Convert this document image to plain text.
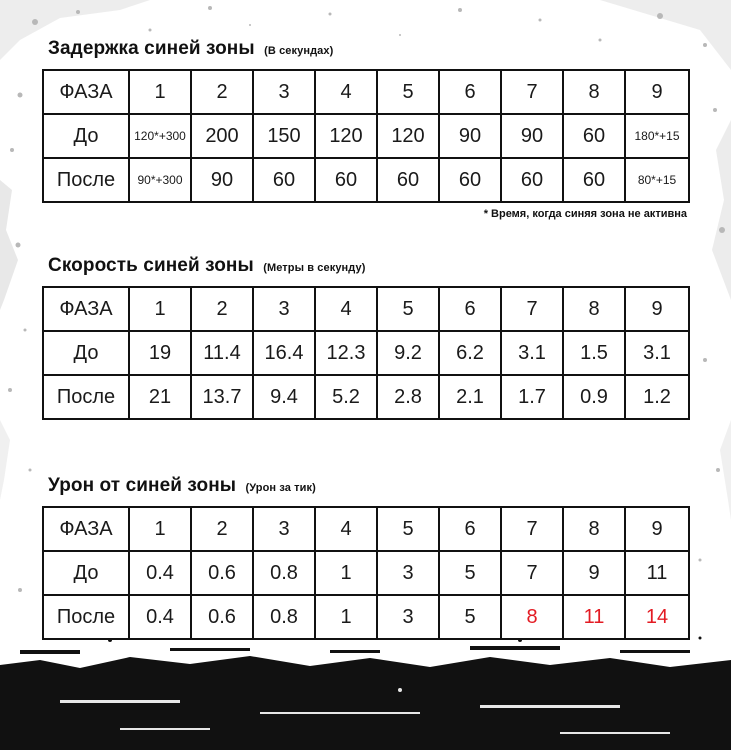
Задержка синей зоны (В секундах)
ФАЗА	1	2	3	4	5	6	7	8	9
До	120*+300	200	150	120	120	90	90	60	180*+15
После	90*+300	90	60	60	60	60	60	60	80*+15

* Время, когда синяя зона не активна

Скорость синей зоны (Метры в секунду)
ФАЗА	1	2	3	4	5	6	7	8	9
До	19	11.4	16.4	12.3	9.2	6.2	3.1	1.5	3.1
После	21	13.7	9.4	5.2	2.8	2.1	1.7	0.9	1.2
Урон от синей зоны (Урон за тик)
ФАЗА	1	2	3	4	5	6	7	8	9
До	0.4	0.6	0.8	1	3	5	7	9	11
После	0.4	0.6	0.8	1	3	5	8	11	14
